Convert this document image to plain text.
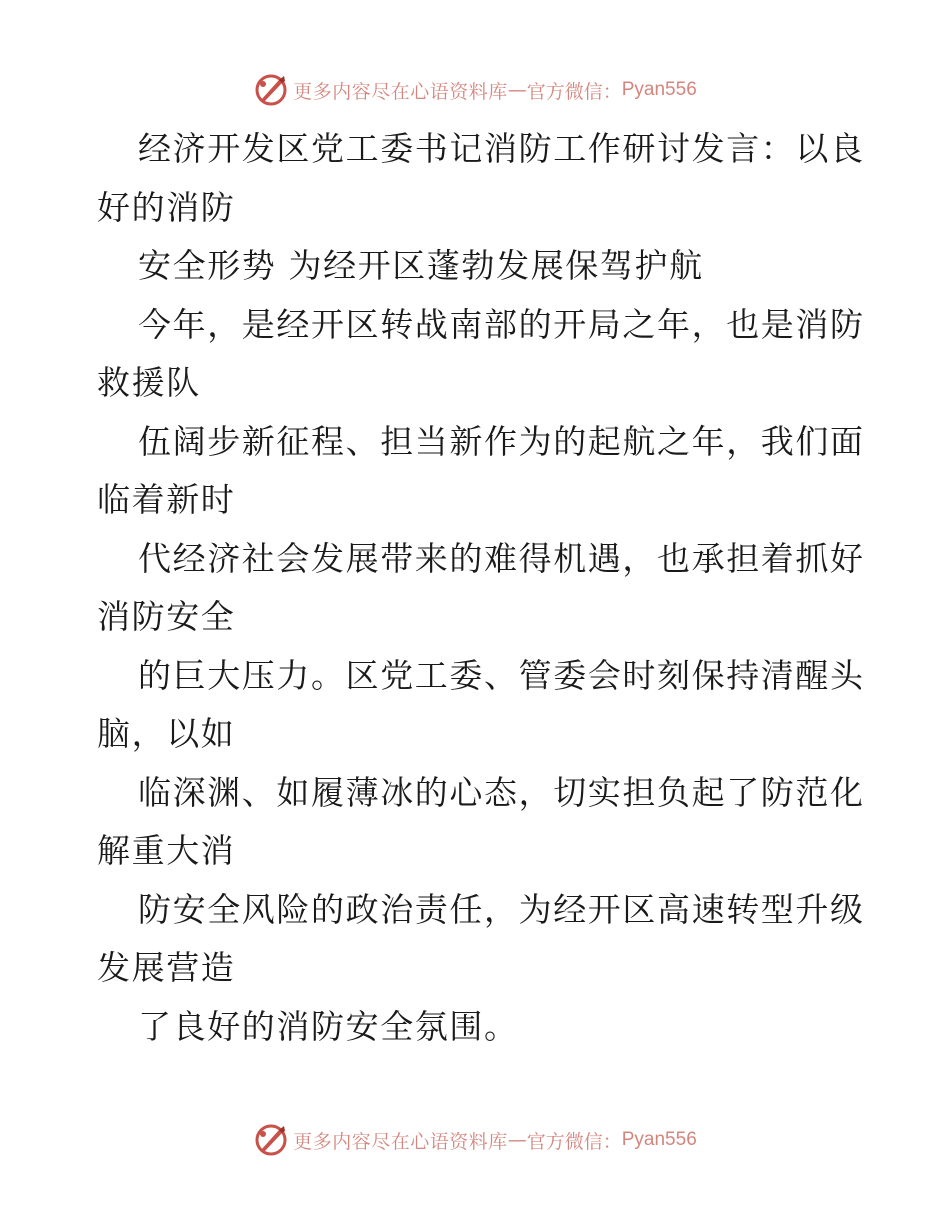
更多内容尽在心语资料库 — 官方微信： Pyan556
经济开发区党工委书记消防工作研讨发言：以良
好的消防
安全形势 为经开区蓬勃发展保驾护航
今年，是经开区转战南部的开局之年，也是消防
救援队
伍阔步新征程、担当新作为的起航之年，我们面
临着新时
代经济社会发展带来的难得机遇，也承担着抓好
消防安全
的巨大压力。区党工委、管委会时刻保持清醒头
脑，以如
临深渊、如履薄冰的心态，切实担负起了防范化
解重大消
防安全风险的政治责任，为经开区高速转型升级
发展营造
了良好的消防安全氛围。
更多内容尽在心语资料库 — 官方微信： Pyan556
